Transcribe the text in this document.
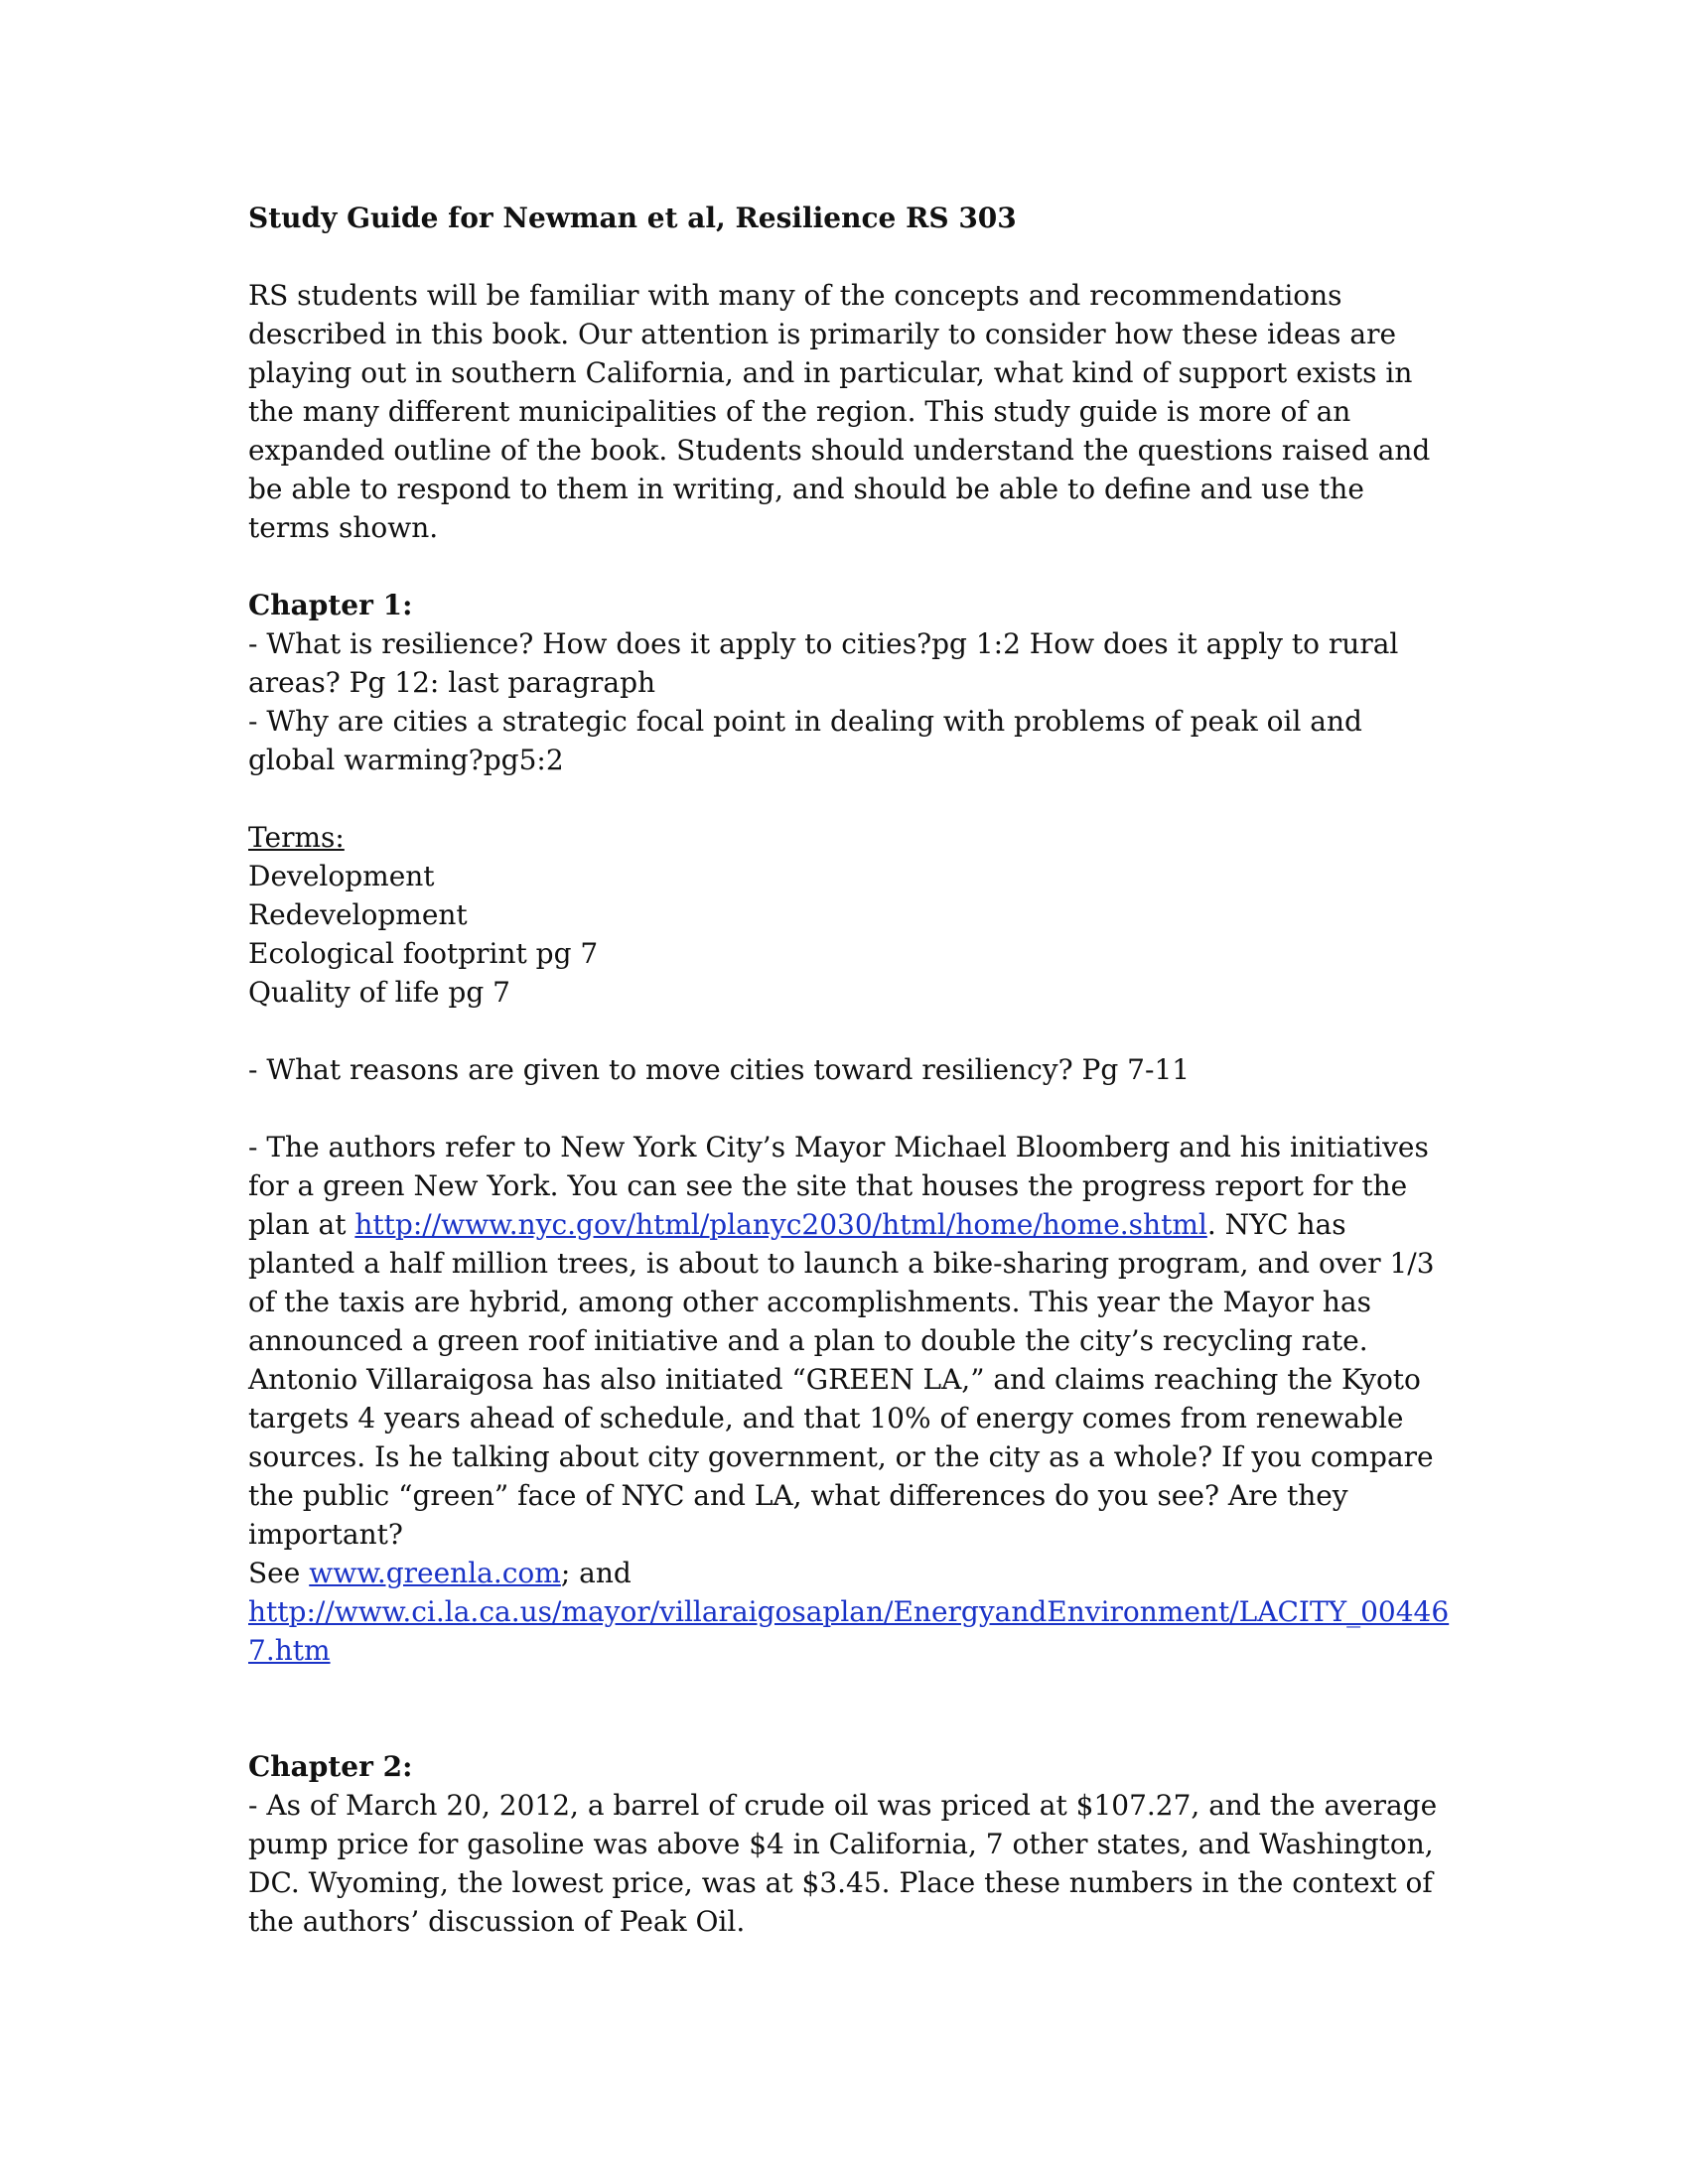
Study Guide for Newman et al, Resilience RS 303

RS students will be familiar with many of the concepts and recommendations described in this book. Our attention is primarily to consider how these ideas are playing out in southern California, and in particular, what kind of support exists in the many different municipalities of the region. This study guide is more of an expanded outline of the book. Students should understand the questions raised and be able to respond to them in writing, and should be able to define and use the terms shown.

Chapter 1:

- What is resilience? How does it apply to cities?pg 1:2 How does it apply to rural areas? Pg 12: last paragraph

- Why are cities a strategic focal point in dealing with problems of peak oil and global warming?pg5:2

Terms:

Development

Redevelopment

Ecological footprint pg 7

Quality of life pg 7

- What reasons are given to move cities toward resiliency? Pg 7-11

- The authors refer to New York City’s Mayor Michael Bloomberg and his initiatives for a green New York. You can see the site that houses the progress report for the plan at http://www.nyc.gov/html/planyc2030/html/home/home.shtml. NYC has planted a half million trees, is about to launch a bike-sharing program, and over 1/3 of the taxis are hybrid, among other accomplishments. This year the Mayor has announced a green roof initiative and a plan to double the city’s recycling rate. Antonio Villaraigosa has also initiated “GREEN LA,” and claims reaching the Kyoto targets 4 years ahead of schedule, and that 10% of energy comes from renewable sources. Is he talking about city government, or the city as a whole? If you compare the public “green” face of NYC and LA, what differences do you see? Are they important?

See www.greenla.com; and

http://www.ci.la.ca.us/mayor/villaraigosaplan/EnergyandEnvironment/LACITY_004467.htm

Chapter 2:

- As of March 20, 2012, a barrel of crude oil was priced at $107.27, and the average pump price for gasoline was above $4 in California, 7 other states, and Washington, DC. Wyoming, the lowest price, was at $3.45. Place these numbers in the context of the authors’ discussion of Peak Oil.
